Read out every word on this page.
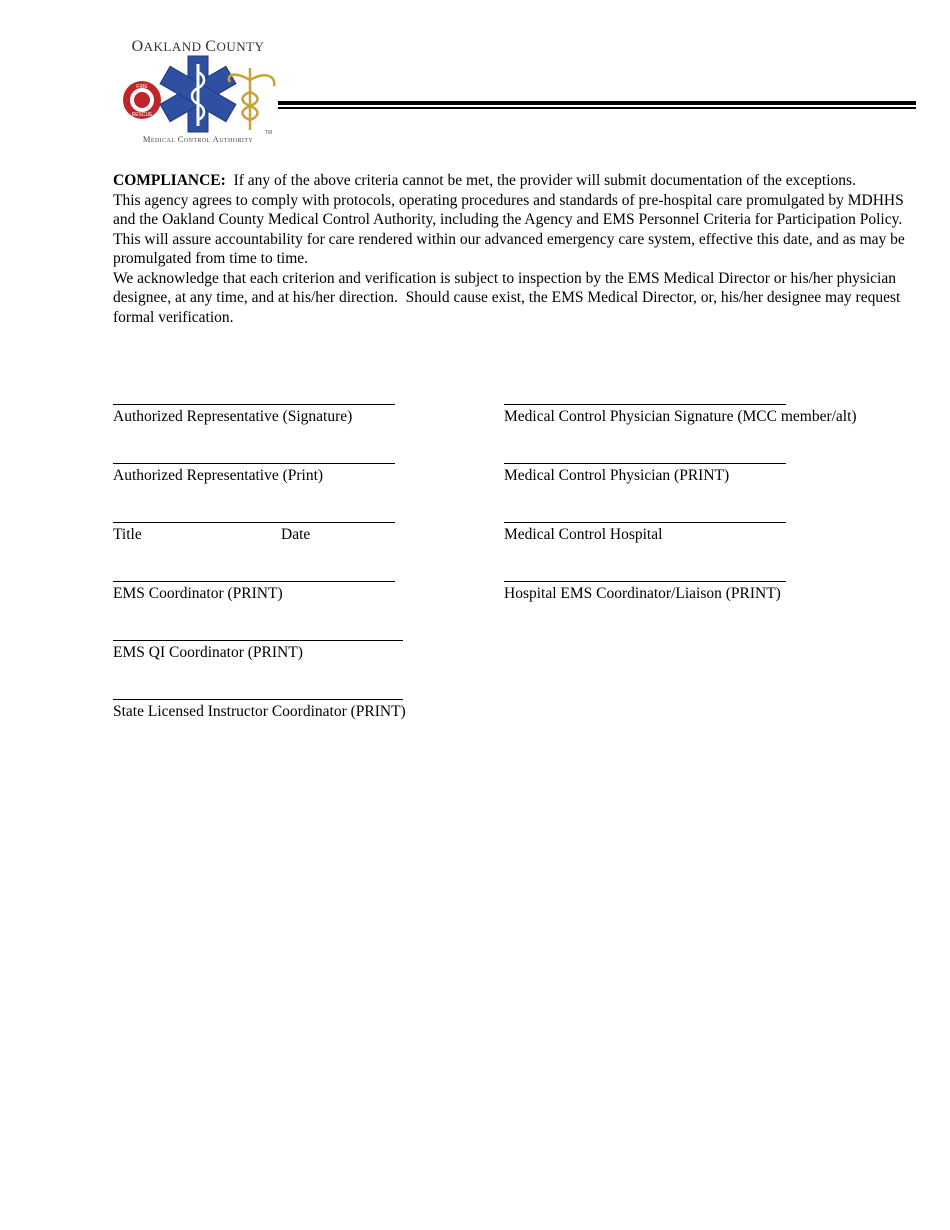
OAKLAND COUNTY
FIRE
RESCUE
TM
Medical Control Authority

COMPLIANCE:  If any of the above criteria cannot be met, the provider will submit documentation of the exceptions.

This agency agrees to comply with protocols, operating procedures and standards of pre-hospital care promulgated by MDHHS and the Oakland County Medical Control Authority, including the Agency and EMS Personnel Criteria for Participation Policy.  This will assure accountability for care rendered within our advanced emergency care system, effective this date, and as may be promulgated from time to time.

We acknowledge that each criterion and verification is subject to inspection by the EMS Medical Director or his/her physician designee, at any time, and at his/her direction.  Should cause exist, the EMS Medical Director, or, his/her designee may request formal verification.

Authorized Representative (Signature)
Authorized Representative (Print)
Title	Date
EMS Coordinator (PRINT)
EMS QI Coordinator (PRINT)
State Licensed Instructor Coordinator (PRINT)
Medical Control Physician Signature (MCC member/alt)
Medical Control Physician (PRINT)
Medical Control Hospital
Hospital EMS Coordinator/Liaison (PRINT)
